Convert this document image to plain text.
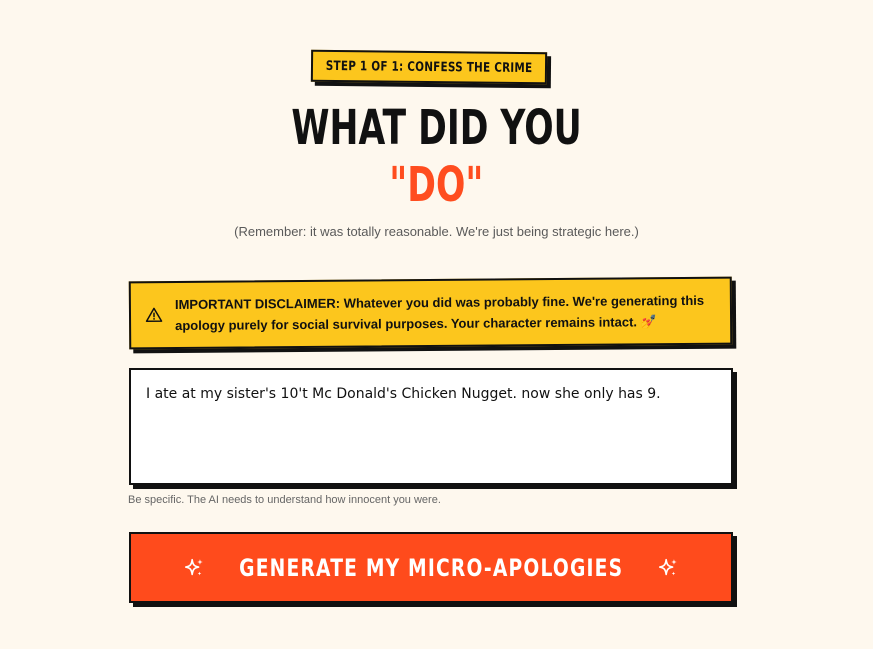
STEP 1 OF 1: CONFESS THE CRIME
WHAT DID YOU
"DO"
(Remember: it was totally reasonable. We're just being strategic here.)
IMPORTANT DISCLAIMER: Whatever you did was probably fine. We're generating this apology purely for social survival purposes. Your character remains intact. 💅
I ate at my sister's 10't Mc Donald's Chicken Nugget. now she only has 9.
Be specific. The AI needs to understand how innocent you were.
GENERATE MY MICRO-APOLOGIES
